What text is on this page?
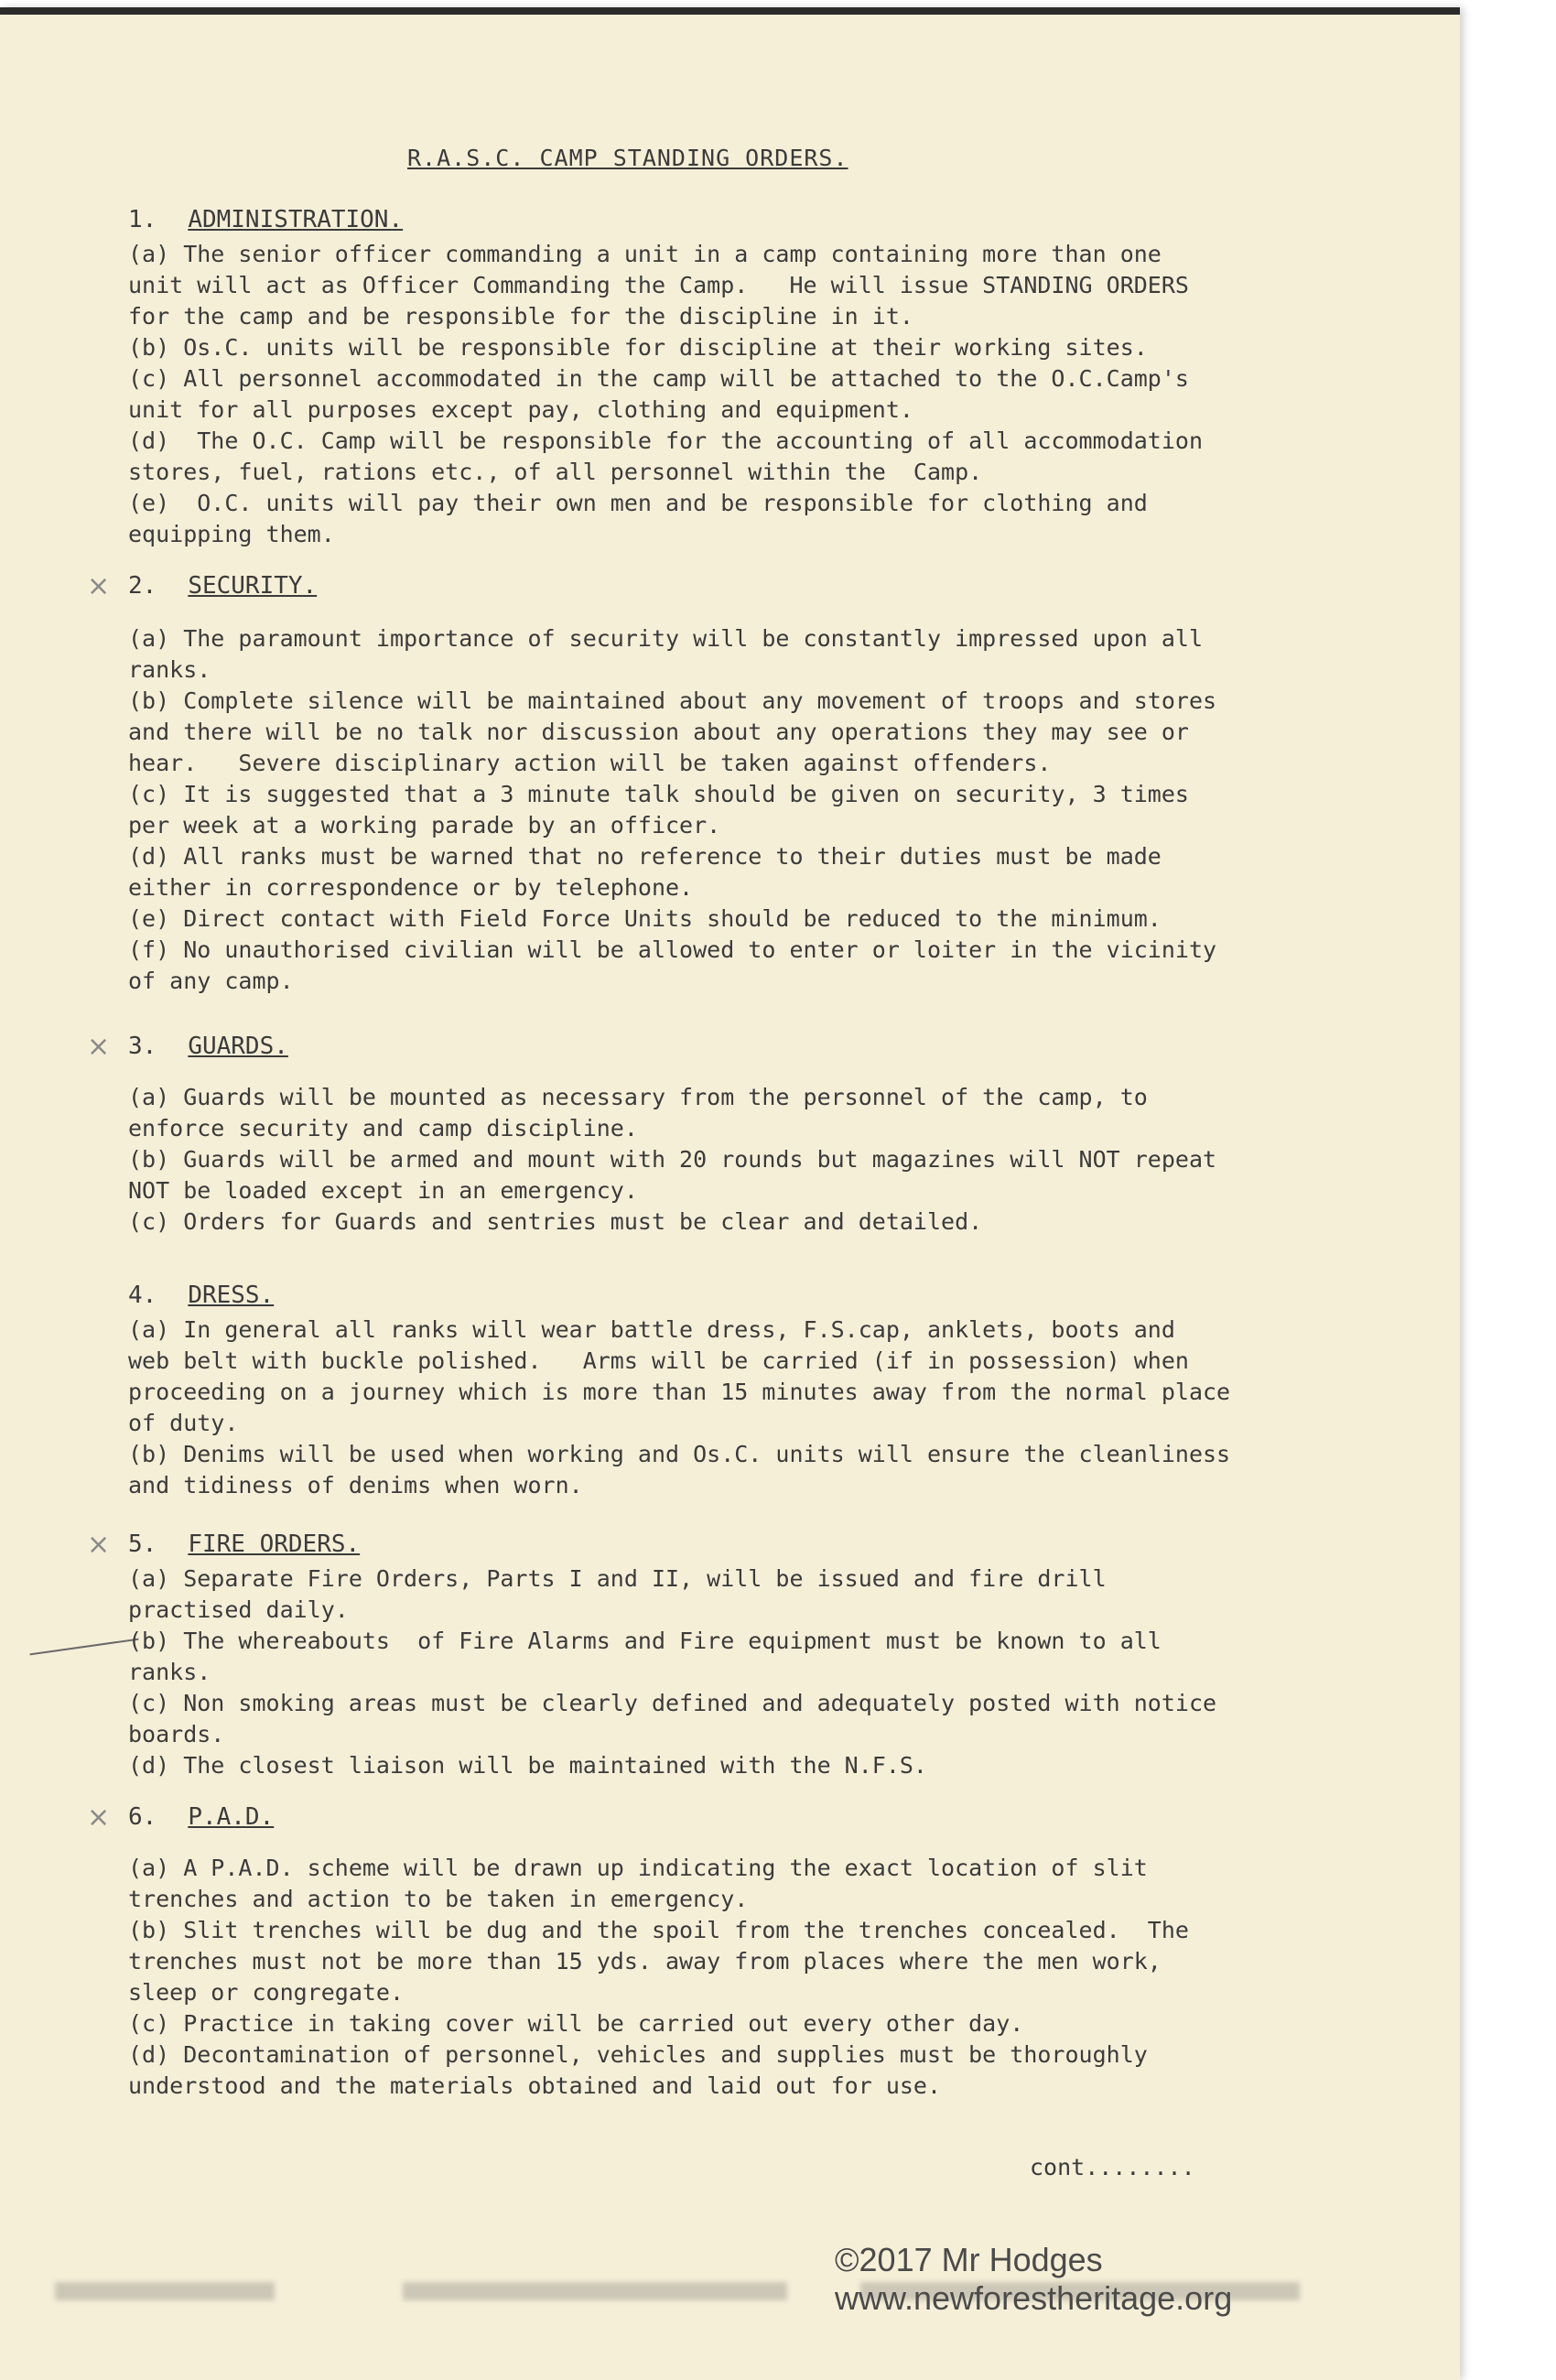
R.A.S.C. CAMP STANDING ORDERS.
1. ADMINISTRATION.

(a) The senior officer commanding a unit in a camp containing more than one
unit will act as Officer Commanding the Camp.   He will issue STANDING ORDERS
for the camp and be responsible for the discipline in it.
(b) Os.C. units will be responsible for discipline at their working sites.
(c) All personnel accommodated in the camp will be attached to the O.C.Camp's
unit for all purposes except pay, clothing and equipment.
(d)  The O.C. Camp will be responsible for the accounting of all accommodation
stores, fuel, rations etc., of all personnel within the  Camp.
(e)  O.C. units will pay their own men and be responsible for clothing and
equipping them.

× 2. SECURITY.

(a) The paramount importance of security will be constantly impressed upon all
ranks.
(b) Complete silence will be maintained about any movement of troops and stores
and there will be no talk nor discussion about any operations they may see or
hear.   Severe disciplinary action will be taken against offenders.
(c) It is suggested that a 3 minute talk should be given on security, 3 times
per week at a working parade by an officer.
(d) All ranks must be warned that no reference to their duties must be made
either in correspondence or by telephone.
(e) Direct contact with Field Force Units should be reduced to the minimum.
(f) No unauthorised civilian will be allowed to enter or loiter in the vicinity
of any camp.

× 3. GUARDS.

(a) Guards will be mounted as necessary from the personnel of the camp, to
enforce security and camp discipline.
(b) Guards will be armed and mount with 20 rounds but magazines will NOT repeat
NOT be loaded except in an emergency.
(c) Orders for Guards and sentries must be clear and detailed.

4. DRESS.

(a) In general all ranks will wear battle dress, F.S.cap, anklets, boots and
web belt with buckle polished.   Arms will be carried (if in possession) when
proceeding on a journey which is more than 15 minutes away from the normal place
of duty.
(b) Denims will be used when working and Os.C. units will ensure the cleanliness
and tidiness of denims when worn.

× 5. FIRE ORDERS.

(a) Separate Fire Orders, Parts I and II, will be issued and fire drill
practised daily.
(b) The whereabouts  of Fire Alarms and Fire equipment must be known to all
ranks.
(c) Non smoking areas must be clearly defined and adequately posted with notice
boards.
(d) The closest liaison will be maintained with the N.F.S.

× 6. P.A.D.

(a) A P.A.D. scheme will be drawn up indicating the exact location of slit
trenches and action to be taken in emergency.
(b) Slit trenches will be dug and the spoil from the trenches concealed.  The
trenches must not be more than 15 yds. away from places where the men work,
sleep or congregate.
(c) Practice in taking cover will be carried out every other day.
(d) Decontamination of personnel, vehicles and supplies must be thoroughly
understood and the materials obtained and laid out for use.

cont........
©2017 Mr Hodges www.newforestheritage.org
